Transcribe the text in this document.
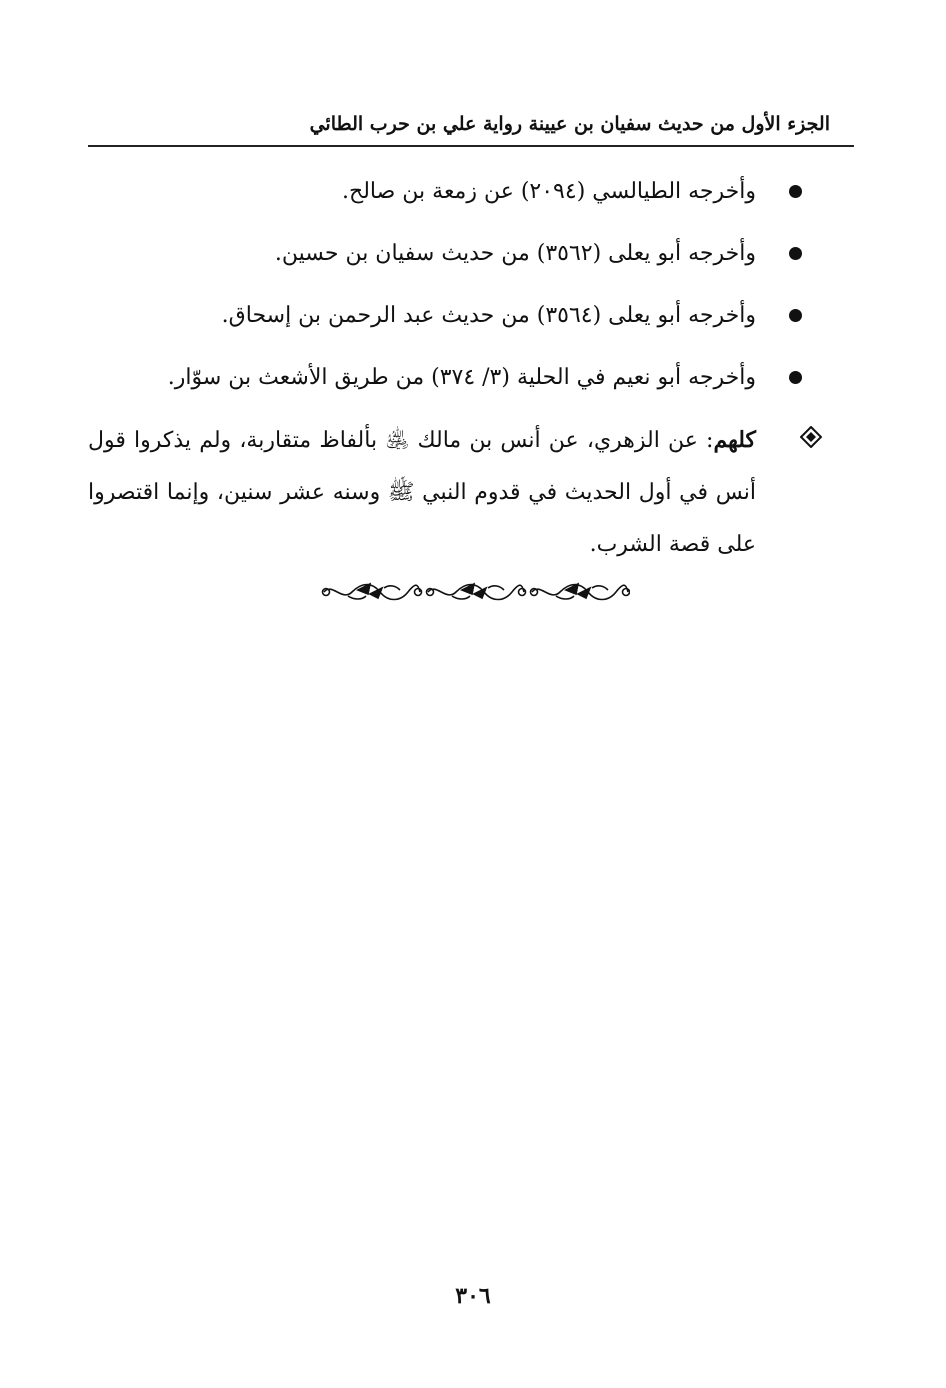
الجزء الأول من حديث سفيان بن عيينة رواية علي بن حرب الطائي
وأخرجه الطيالسي (٢٠٩٤) عن زمعة بن صالح.
وأخرجه أبو يعلى (٣٥٦٢) من حديث سفيان بن حسين.
وأخرجه أبو يعلى (٣٥٦٤) من حديث عبد الرحمن بن إسحاق.
وأخرجه أبو نعيم في الحلية (٣/ ٣٧٤) من طريق الأشعث بن سوّار.
كلهم: عن الزهري، عن أنس بن مالك ﵁ بألفاظ متقاربة، ولم يذكروا قول أنس في أول الحديث في قدوم النبي ﷺ وسنه عشر سنين، وإنما اقتصروا على قصة الشرب.
٣٠٦
